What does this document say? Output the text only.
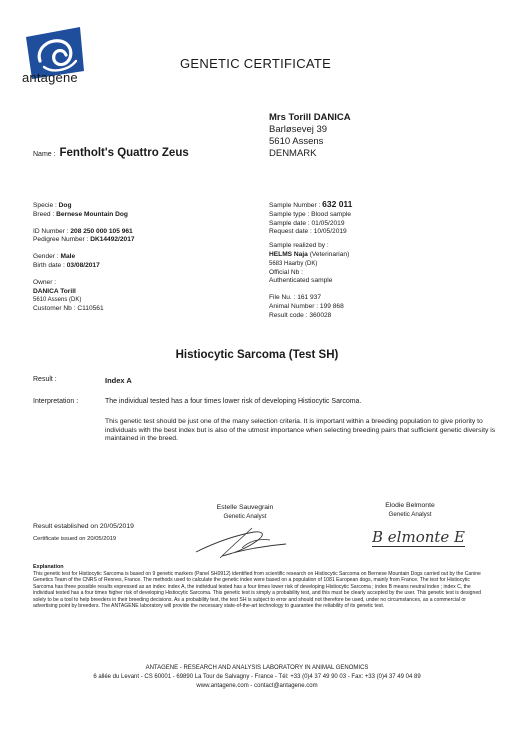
antagene
GENETIC CERTIFICATE
Mrs Torill DANICA
Barløsevej 39
5610 Assens
DENMARK
Name : Fentholt's Quattro Zeus
Specie : Dog
Breed : Bernese Mountain Dog
ID Number : 208 250 000 105 961
Pedigree Number : DK14492/2017
Gender : Male
Birth date : 03/08/2017
Owner :
DANICA Torill
5610 Assens (DK)
Customer Nb : C110561
Sample Number : 632 011
Sample type : Blood sample
Sample date : 01/05/2019
Request date : 10/05/2019
Sample realized by :
HELMS Naja (Veterinarian)
5683 Haarby (DK)
Official Nb :
Authenticated sample
File Nu. : 161 937
Animal Number : 199 868
Result code : 360028
Histiocytic Sarcoma (Test SH)
Result :	Index A
Interpretation :	The individual tested has a four times lower risk of developing Histiocytic Sarcoma.
This genetic test should be just one of the many selection criteria. It is important within a breeding population to give priority to individuals with the best index but is also of the utmost importance when selecting breeding pairs that sufficient genetic diversity is maintained in the breed.
Estelle Sauvegrain
Genetic Analyst
Elodie Belmonte
Genetic Analyst
B elmonte E
Result established on 20/05/2019
Certificate issued on 20/05/2019
Explanation
This genetic test for Histiocytic Sarcoma is based on 9 genetic markers (Panel SH0912) identified from scientific research on Histiocytic Sarcoma on Bernese Mountain Dogs carried out by the Canine Genetics Team of the CNRS of Rennes, France. The methods used to calculate the genetic index were based on a population of 1081 European dogs, mainly from France. The test for Histiocytic Sarcoma has three possible results expressed as an index: index A, the individual tested has a four times lower risk of developing Histiocytic Sarcoma ; index B means neutral index ; index C, the individual tested has a four times higher risk of developing Histiocytic Sarcoma. This genetic test is simply a probability test, and this must be clearly accepted by the user. This genetic test is designed solely to be a tool to help breeders in their breeding decisions. As a probability test, the test SH is subject to error and should not therefore be used, under no circumstances, as a commercial or advertising point by breeders. The ANTAGENE laboratory will provide the necessary state-of-the-art technology to guarantee the reliability of its genetic test.
ANTAGENE - RESEARCH AND ANALYSIS LABORATORY IN ANIMAL GENOMICS
6 allée du Levant - CS 60001 - 69890 La Tour de Salvagny - France - Tél: +33 (0)4 37 49 90 03 - Fax: +33 (0)4 37 49 04 89
www.antagene.com - contact@antagene.com
